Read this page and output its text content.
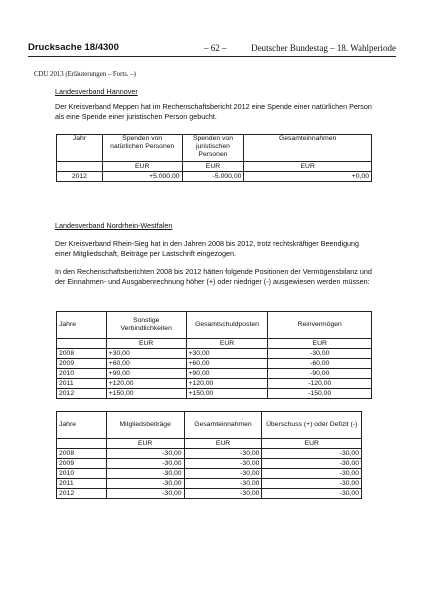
Drucksache 18/4300	– 62 –	Deutscher Bundestag – 18. Wahlperiode
CDU 2013 (Erläuterungen – Forts. –)
Landesverband Hannover
Der Kreisverband Meppen hat im Rechenschaftsbericht 2012 eine Spende einer natürlichen Person als eine Spende einer juristischen Person gebucht.
Jahr	Spenden von natürlichen Personen	Spenden von juristischen Personen	Gesamteinnahmen
	EUR	EUR	EUR
2012	+5.000,00	-5.000,00	+0,00
Landesverband Nordrhein-Westfalen
Der Kreisverband Rhein-Sieg hat in den Jahren 2008 bis 2012, trotz rechtskräftiger Beendigung einer Mitgliedschaft, Beiträge per Lastschrift eingezogen.
In den Rechenschaftsberichten 2008 bis 2012 hätten folgende Positionen der Vermögensbilanz und der Einnahmen- und Ausgabenrechnung höher (+) oder niedriger (-) ausgewiesen werden müssen:
Jahre	Sonstige Verbindlichkeiten	Gesamtschuldposten	Reinvermögen
	EUR	EUR	EUR
2008	+30,00	+30,00	-30,00
2009	+60,00	+60,00	-60,00
2010	+90,00	+90,00	-90,00
2011	+120,00	+120,00	-120,00
2012	+150,00	+150,00	-150,00
Jahre	Mitgliedsbeiträge	Gesamteinnahmen	Überschuss (+) oder Defizit (-)
	EUR	EUR	EUR
2008	-30,00	-30,00	-30,00
2009	-30,00	-30,00	-30,00
2010	-30,00	-30,00	-30,00
2011	-30,00	-30,00	-30,00
2012	-30,00	-30,00	-30,00
